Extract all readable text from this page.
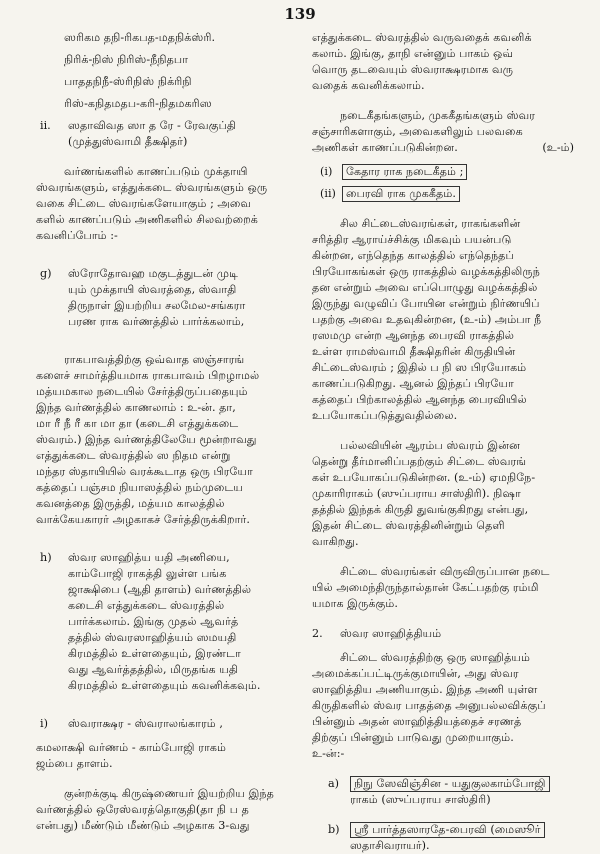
139
ஸரிகம தநி-ரிகபத-மதநிக்ஸ்ரி.
நிரிக்-நிஸ் நிரிஸ்-நீநிதபா
பாததநிநீ-ஸ்ரிநிஸ் நிக்ரிநி
ரிஸ்-கநிதமதப-கரி-நிதமகரிஸ
ii. ஸதாவிவத ஸா த ரே - ரேவகுப்தி
(முத்துஸ்வாமி தீக்ஷிதர்)

வர்ணங்களில் காணப்படும் முக்தாயி
ஸ்வரங்களும், எத்துக்கடை ஸ்வரங்களும் ஒரு
வகை சிட்டை ஸ்வரங்களேயாகும் ; அவை
களில் காணப்படும் அணிகளில் சிலவற்றைக்
கவனிப்போம் :-

g) ஸ்ரோதோவஹ மகுடத்துடன் முடி
யும் முக்தாயி ஸ்வரத்தை, ஸ்வாதி
திருநாள் இயற்றிய சலமேல-சங்கரா
பரண ராக வர்ணத்தில் பார்க்கலாம்,

ராகபாவத்திற்கு ஒவ்வாத ஸஞ்சாரங்
களைச் சாமர்த்தியமாக ராகபாவம் பிறழாமல்
மத்யமகால நடையில் சேர்த்திருப்பதையும்
இந்த வர்ணத்தில் காணலாம் : உ-ன். தா,
மா ரீ நீ ரீ கா மா தா (கடைசி எத்துக்கடை
ஸ்வரம்.) இந்த வர்ணத்திலேயே மூன்றாவது
எத்துக்கடை ஸ்வரத்தில் ஸ நிதம என்று
மந்தர ஸ்தாயியில் வரக்கூடாத ஒரு பிரயோ
கத்தைப் பஞ்சம நியாஸத்தில் நம்முடைய
கவனத்தை இருத்தி, மத்யம காலத்தில்
வாக்கேயகாரர் அழகாகச் சேர்த்திருக்கிறார்.

h) ஸ்வர ஸாஹித்ய யதி அணியை,
காம்போஜி ராகத்தி லுள்ள பங்க
ஜாக்ஷிபை (ஆதி தாளம்) வர்ணத்தில்
கடைசி எத்துக்கடை ஸ்வரத்தில்
பார்க்கலாம். இங்கு முதல் ஆவர்த்
தத்தில் ஸ்வரஸாஹித்யம் ஸமயதி
கிரமத்தில் உள்ளதையும், இரண்டா
வது ஆவர்த்தத்தில், மிருதங்க யதி
கிரமத்தில் உள்ளதையும் கவனிக்கவும்.
i) ஸ்வராக்ஷர - ஸ்வராலங்காரம் ,

கமலாக்ஷி வர்ணம் - காம்போஜி ராகம்
ஜம்பை தாளம்.

குன்றக்குடி கிருஷ்ணையர் இயற்றிய இந்த
வர்ணத்தில் ஒரேஸ்வரத்தொகுதி(தா நி ப த
என்பது) மீண்டும் மீண்டும் அழகாக 3-வது

எத்துக்கடை ஸ்வரத்தில் வருவதைக் கவனிக்
கலாம். இங்கு, தாநி என்னும் பாகம் ஒவ்
வொரு தடவையும் ஸ்வராக்ஷரமாக வரு
வதைக் கவனிக்கலாம்.

நடைகீதங்களும், முககீதங்களும் ஸ்வர
சஞ்சாரிகளாகும், அவைகளிலும் பலவகை
அணிகள் காணப்படுகின்றன.	(உ-ம்)

(i) கேதார ராக நடைகீதம் ;
(ii) பைரவி ராக முககீதம்.

சில சிட்டைஸ்வரங்கள், ராகங்களின்
சரித்திர ஆராய்ச்சிக்கு மிகவும் பயன்படு
கின்றன, எந்தெந்த காலத்தில் எந்தெந்தப்
பிரயோகங்கள் ஒரு ராகத்தில் வழக்கத்திலிருந்
தன என்றும் அவை எப்பொழுது வழக்கத்தில்
இருந்து வழுவிப் போயின என்றும் நிர்ணயிப்
பதற்கு அவை உதவுகின்றன, (உ-ம்) அம்பா நீ
ரஸமமு என்ற ஆனந்த பைரவி ராகத்தில்
உள்ள ராமஸ்வாமி தீக்ஷிதரின் கிருதியின்
சிட்டைஸ்வரம் ; இதில் ப நி ஸ பிரயோகம்
காணப்படுகிறது. ஆனல் இந்தப் பிரயோ
கத்தைப் பிற்காலத்தில் ஆனந்த பைரவியில்
உபயோகப்படுத்துவதில்லை.

பல்லவியின் ஆரம்ப ஸ்வரம் இன்ன
தென்று தீர்மானிப்பதற்கும் சிட்டை ஸ்வரங்
கள் உபயோகப்படுகின்றன. (உ-ம்) ஏமநிநே-
முகாரிராகம் (ஸுப்பராய சாஸ்திரி). நிஷா
தத்தில் இந்தக் கிருதி துவங்குகிறது என்பது,
இதன் சிட்டை ஸ்வரத்தினின்றும் தெளி
வாகிறது.

சிட்டை ஸ்வரங்கள் விருவிருப்பான நடை
யில் அமைந்திருந்தால்தான் கேட்பதற்கு ரம்மி
யமாக இருக்கும்.

2. ஸ்வர ஸாஹித்தியம்

சிட்டை ஸ்வரத்திற்கு ஒரு ஸாஹித்யம்
அமைக்கப்பட்டிருக்குமாயின், அது ஸ்வர
ஸாஹித்திய அணியாகும். இந்த அணி யுள்ள
கிருதிகளில் ஸ்வர பாதத்தை அனுபல்லவிக்குப்
பின்னும் அதன் ஸாஹித்தியத்தைச் சரணத்
திற்குப் பின்னும் பாடுவது முறையாகும்.
உ-ன்:-

a) நிநு ஸேவிஞ்சின - யதுகுலகாம்போஜி
ராகம் (ஸுப்பராய சாஸ்திரி)
b) ஸ்ரீ பார்த்தஸாரதே-பைரவி (மைஸூர்
ஸதாசிவராயர்).
